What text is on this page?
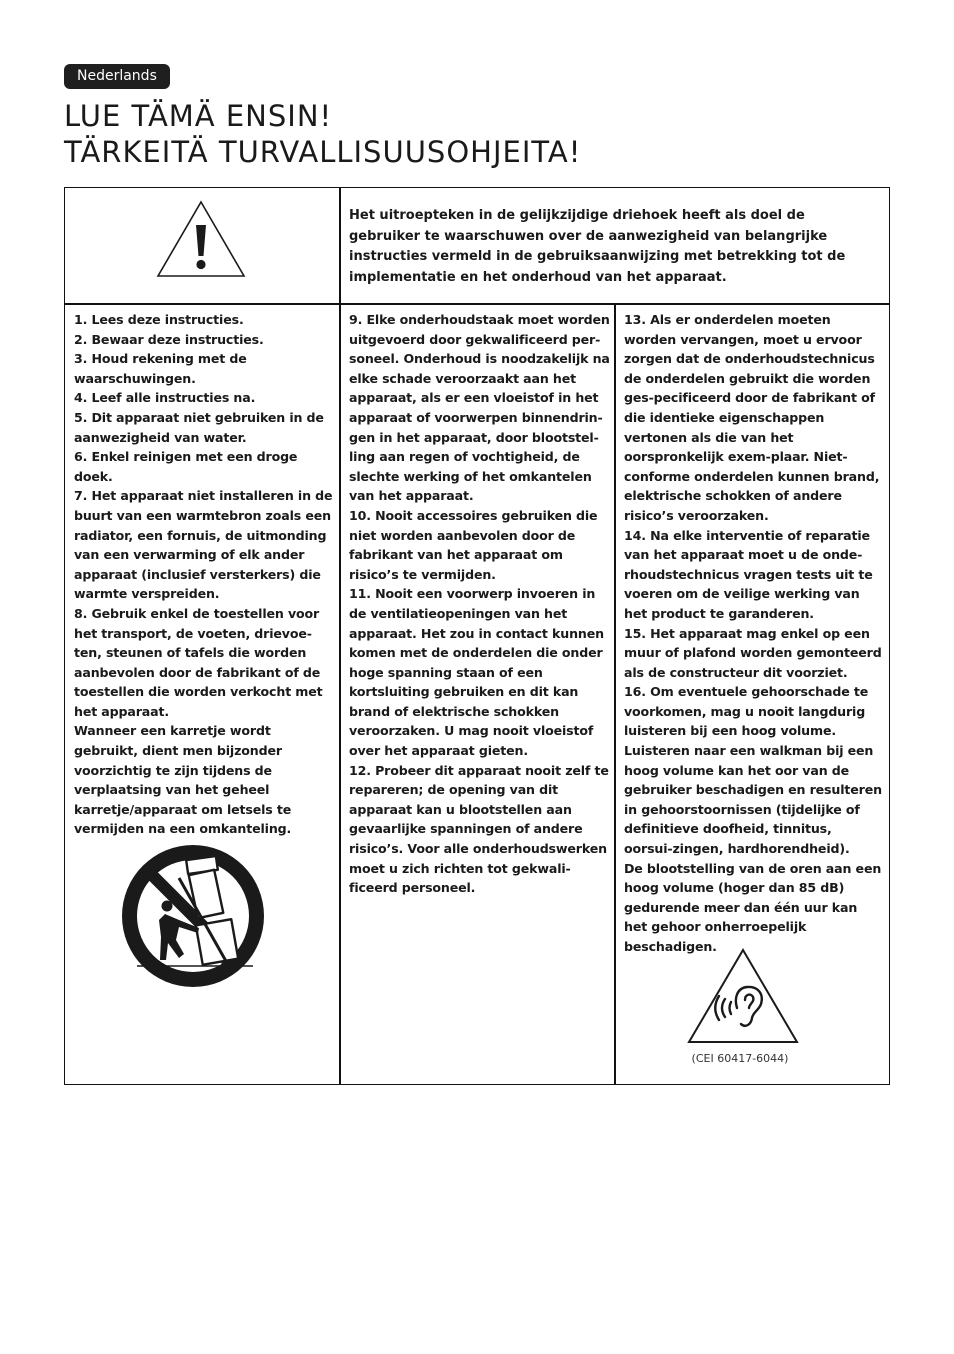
Nederlands
LUE TÄMÄ ENSIN!
TÄRKEITÄ TURVALLISUUSOHJEITA!
Het uitroepteken in de gelijkzijdige driehoek heeft als doel de gebruiker te waarschuwen over de aanwezigheid van belangrijke instructies vermeld in de gebruiksaanwijzing met betrekking tot de implementatie en het onderhoud van het apparaat.

1. Lees deze instructies.

2. Bewaar deze instructies.

3. Houd rekening met de waarschuwingen.

4. Leef alle instructies na.

5. Dit apparaat niet gebruiken in de aanwezigheid van water.

6. Enkel reinigen met een droge doek.

7. Het apparaat niet installeren in de buurt van een warmtebron zoals een radiator, een fornuis, de uitmonding van een verwarming of elk ander apparaat (inclusief versterkers) die warmte verspreiden.

8. Gebruik enkel de toestellen voor het transport, de voeten, drievoe-ten, steunen of tafels die worden aanbevolen door de fabrikant of de toestellen die worden verkocht met het apparaat.

Wanneer een karretje wordt gebruikt, dient men bijzonder voorzichtig te zijn tijdens de verplaatsing van het geheel karretje/apparaat om letsels te vermijden na een omkanteling.

9. Elke onderhoudstaak moet worden uitgevoerd door gekwalificeerd per-soneel. Onderhoud is noodzakelijk na elke schade veroorzaakt aan het apparaat, als er een vloeistof in het apparaat of voorwerpen binnendrin-gen in het apparaat, door blootstel-ling aan regen of vochtigheid, de slechte werking of het omkantelen van het apparaat.

10. Nooit accessoires gebruiken die niet worden aanbevolen door de fabrikant van het apparaat om risico’s te vermijden.

11. Nooit een voorwerp invoeren in de ventilatieopeningen van het apparaat. Het zou in contact kunnen komen met de onderdelen die onder hoge spanning staan of een kortsluiting gebruiken en dit kan brand of elektrische schokken veroorzaken. U mag nooit vloeistof over het apparaat gieten.

12. Probeer dit apparaat nooit zelf te repareren; de opening van dit apparaat kan u blootstellen aan gevaarlijke spanningen of andere risico’s. Voor alle onderhoudswerken moet u zich richten tot gekwali-ficeerd personeel.

13. Als er onderdelen moeten worden vervangen, moet u ervoor zorgen dat de onderhoudstechnicus de onderdelen gebruikt die worden ges-pecificeerd door de fabrikant of die identieke eigenschappen vertonen als die van het oorspronkelijk exem-plaar. Niet-conforme onderdelen kunnen brand, elektrische schokken of andere risico’s veroorzaken.

14. Na elke interventie of reparatie van het apparaat moet u de onde-rhoudstechnicus vragen tests uit te voeren om de veilige werking van het product te garanderen.

15. Het apparaat mag enkel op een muur of plafond worden gemonteerd als de constructeur dit voorziet.

16. Om eventuele gehoorschade te voorkomen, mag u nooit langdurig luisteren bij een hoog volume. Luisteren naar een walkman bij een hoog volume kan het oor van de gebruiker beschadigen en resulteren in gehoorstoornissen (tijdelijke of definitieve doofheid, tinnitus, oorsui-zingen, hardhorendheid).

De blootstelling van de oren aan een hoog volume (hoger dan 85 dB) gedurende meer dan één uur kan het gehoor onherroepelijk beschadigen.

(CEI 60417-6044)
